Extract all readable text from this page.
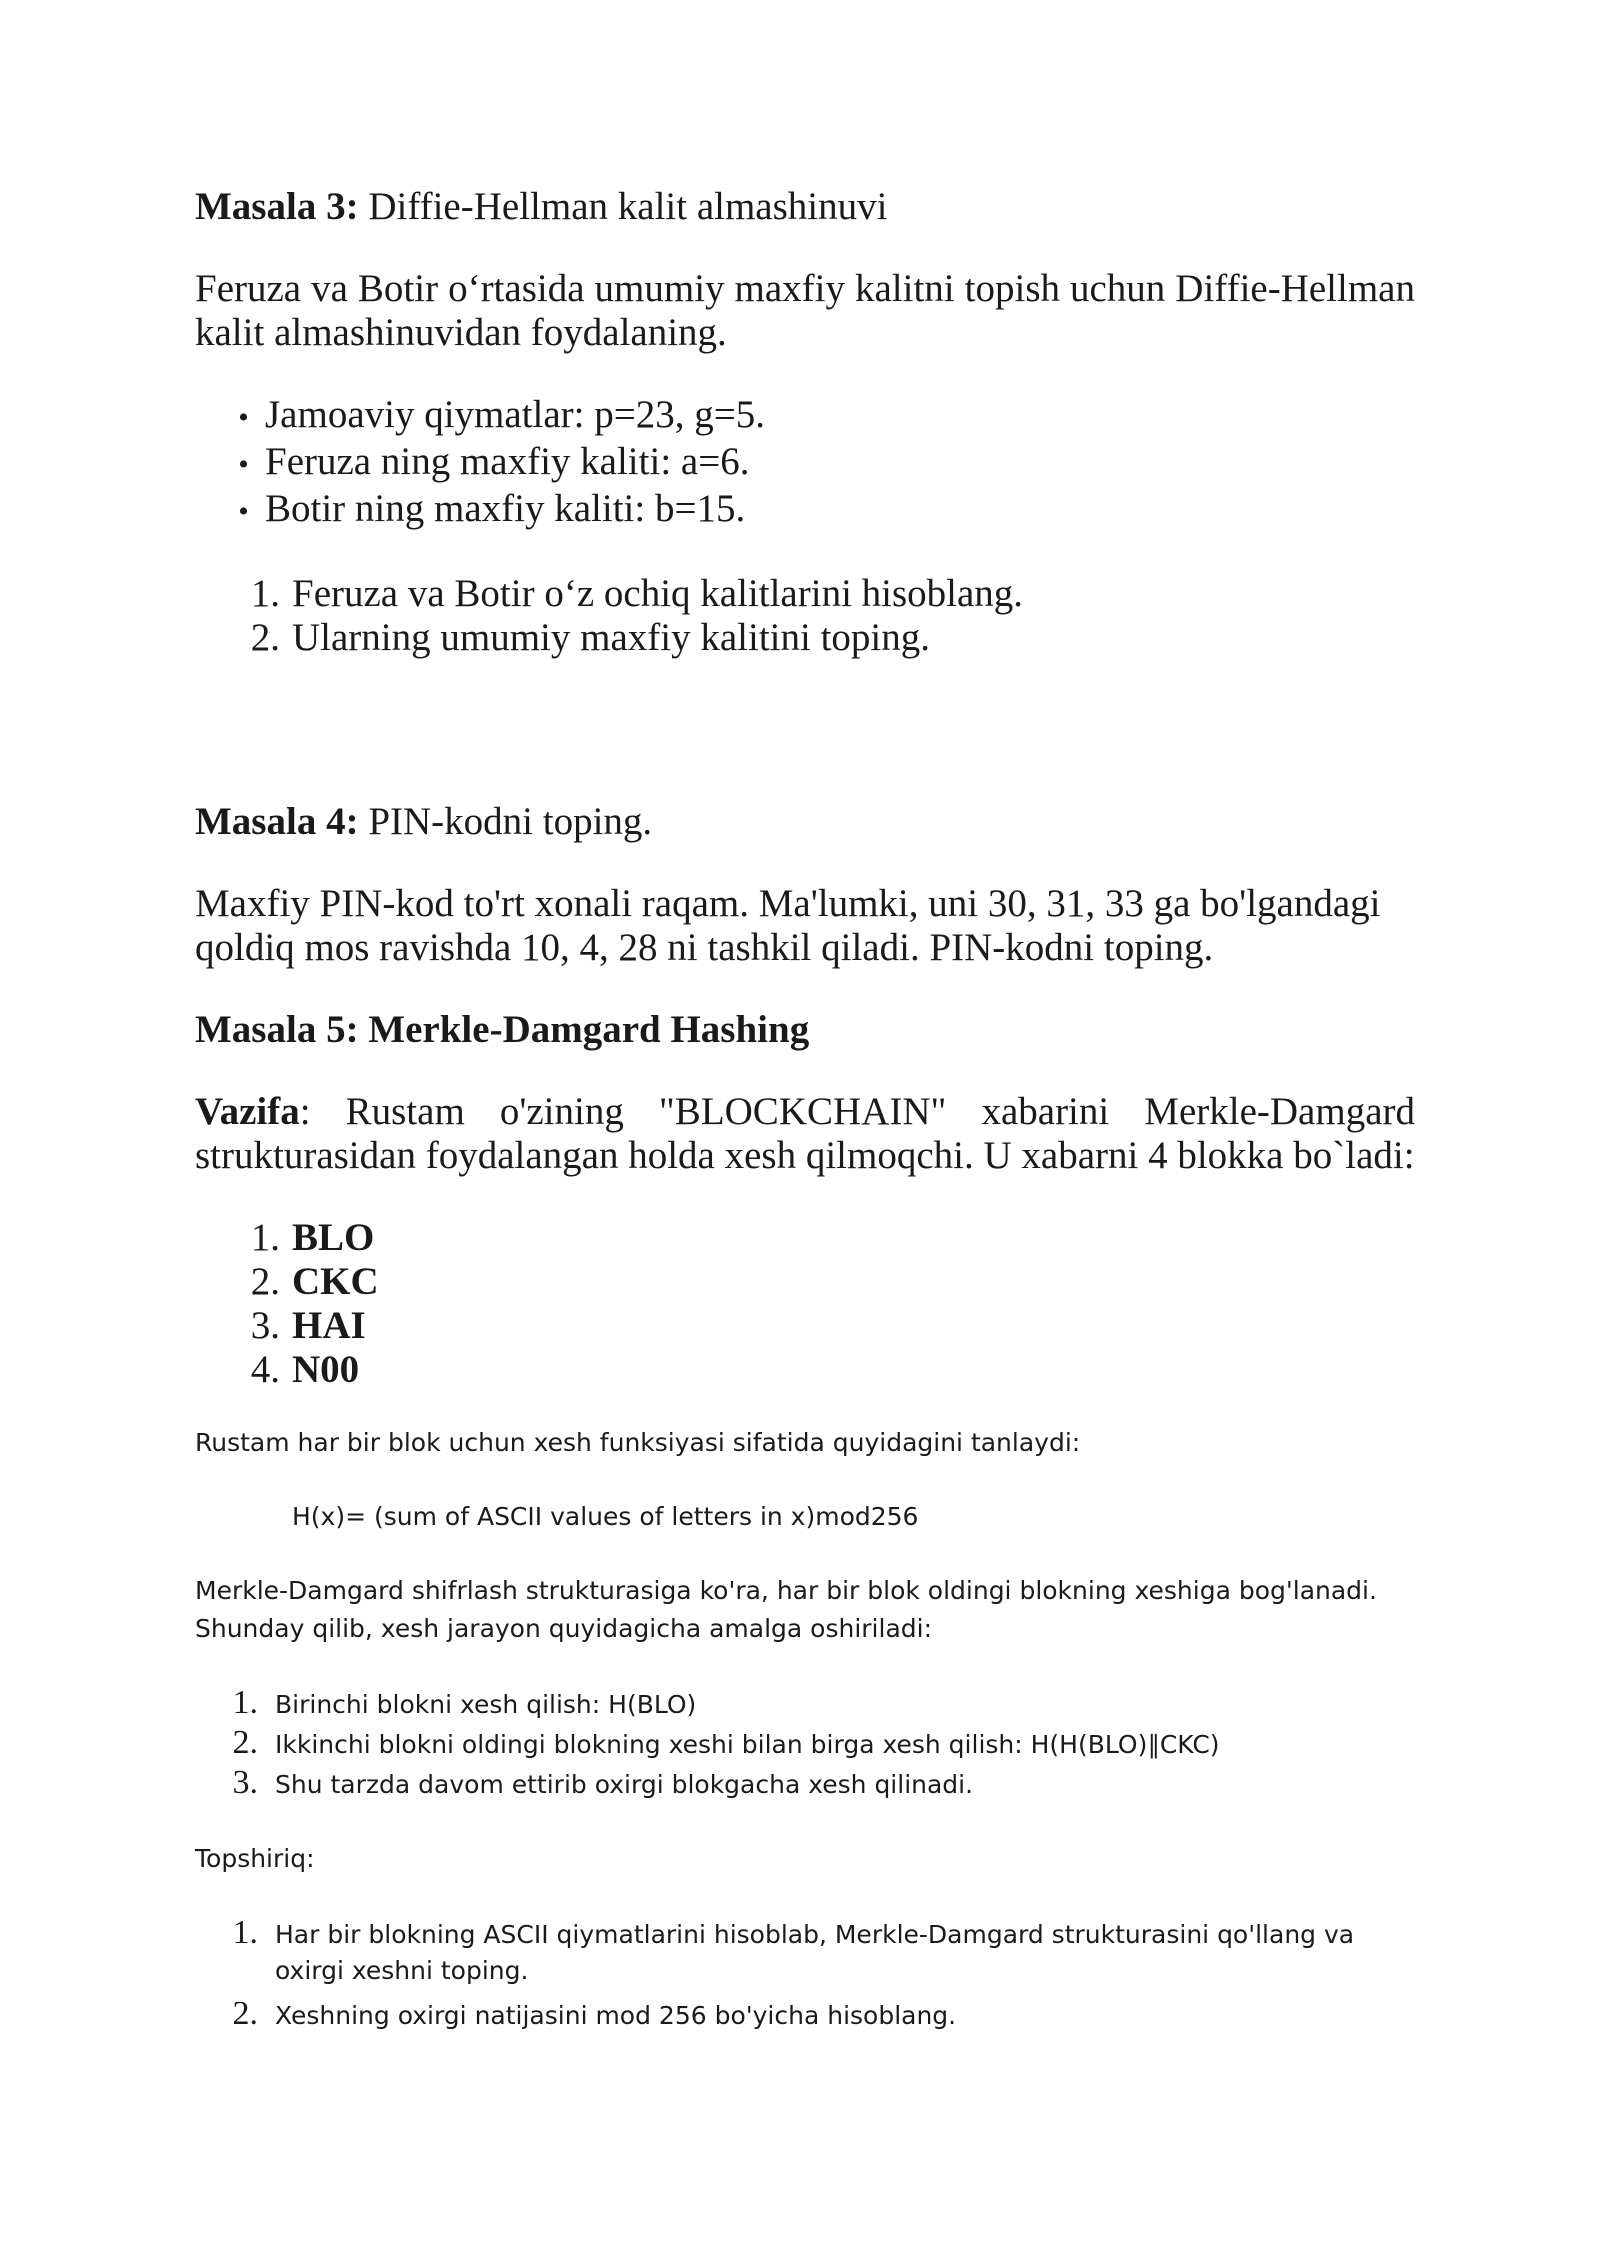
Masala 3: Diffie-Hellman kalit almashinuvi

Feruza va Botir o‘rtasida umumiy maxfiy kalitni topish uchun Diffie-Hellman kalit almashinuvidan foydalaning.

• Jamoaviy qiymatlar: p=23, g=5.
• Feruza ning maxfiy kaliti: a=6.
• Botir ning maxfiy kaliti: b=15.
1. Feruza va Botir o‘z ochiq kalitlarini hisoblang.
2. Ularning umumiy maxfiy kalitini toping.

Masala 4: PIN-kodni toping.

Maxfiy PIN-kod to'rt xonali raqam. Ma'lumki, uni 30, 31, 33 ga bo'lgandagi
qoldiq mos ravishda 10, 4, 28 ni tashkil qiladi. PIN-kodni toping.

Masala 5: Merkle-Damgard Hashing

Vazifa: Rustam o'zining "BLOCKCHAIN" xabarini Merkle-Damgard
strukturasidan foydalangan holda xesh qilmoqchi. U xabarni 4 blokka bo`ladi:
1. BLO
2. CKC
3. HAI
4. N00

Rustam har bir blok uchun xesh funksiyasi sifatida quyidagini tanlaydi:

H(x)= (sum of ASCII values of letters in x)mod256

Merkle-Damgard shifrlash strukturasiga ko'ra, har bir blok oldingi blokning xeshiga bog'lanadi.
Shunday qilib, xesh jarayon quyidagicha amalga oshiriladi:

1. Birinchi blokni xesh qilish: H(BLO)
2. Ikkinchi blokni oldingi blokning xeshi bilan birga xesh qilish: H(H(BLO)∥CKC)
3. Shu tarzda davom ettirib oxirgi blokgacha xesh qilinadi.

Topshiriq:

1. Har bir blokning ASCII qiymatlarini hisoblab, Merkle-Damgard strukturasini qo'llang va oxirgi xeshni toping.
2. Xeshning oxirgi natijasini mod 256 bo'yicha hisoblang.
